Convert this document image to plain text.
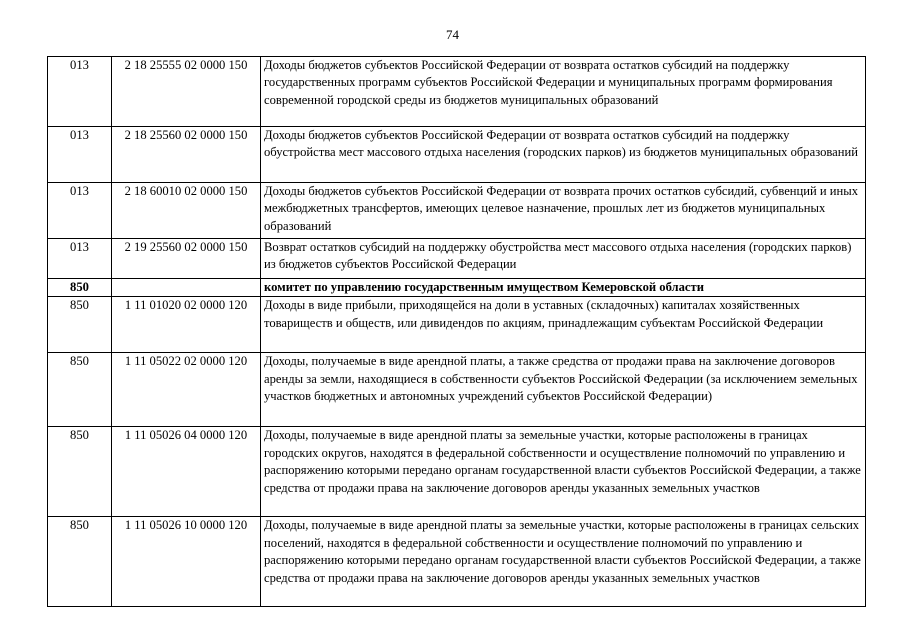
74
013	2 18 25555 02 0000 150	Доходы бюджетов субъектов Российской Федерации от возврата остатков субсидий на поддержку государственных программ субъектов Российской Федерации и муниципальных программ формирования современной городской среды из бюджетов муниципальных образований
013	2 18 25560 02 0000 150	Доходы бюджетов субъектов Российской Федерации от возврата остатков субсидий на поддержку обустройства мест массового отдыха населения (городских парков) из бюджетов муниципальных образований
013	2 18 60010 02 0000 150	Доходы бюджетов субъектов Российской Федерации от возврата прочих остатков субсидий, субвенций и иных межбюджетных трансфертов, имеющих целевое назначение, прошлых лет из бюджетов муниципальных образований
013	2 19 25560 02 0000 150	Возврат остатков субсидий на поддержку обустройства мест массового отдыха населения (городских парков) из бюджетов субъектов Российской Федерации
850		комитет по управлению государственным имуществом Кемеровской области
850	1 11 01020 02 0000 120	Доходы в виде прибыли, приходящейся на доли в уставных (складочных) капиталах хозяйственных товариществ и обществ, или дивидендов по акциям, принадлежащим субъектам Российской Федерации
850	1 11 05022 02 0000 120	Доходы, получаемые в виде арендной платы, а также средства от продажи права на заключение договоров аренды за земли, находящиеся в собственности субъектов Российской Федерации (за исключением земельных участков бюджетных и автономных учреждений субъектов Российской Федерации)
850	1 11 05026 04 0000 120	Доходы, получаемые в виде арендной платы за земельные участки, которые расположены в границах городских округов, находятся в федеральной собственности и осуществление полномочий по управлению и распоряжению которыми передано органам государственной власти субъектов Российской Федерации, а также средства от продажи права на заключение договоров аренды указанных земельных участков
850	1 11 05026 10 0000 120	Доходы, получаемые в виде арендной платы за земельные участки, которые расположены в границах сельских поселений, находятся в федеральной собственности и осуществление полномочий по управлению и распоряжению которыми передано органам государственной власти субъектов Российской Федерации, а также средства от продажи права на заключение договоров аренды указанных земельных участков
